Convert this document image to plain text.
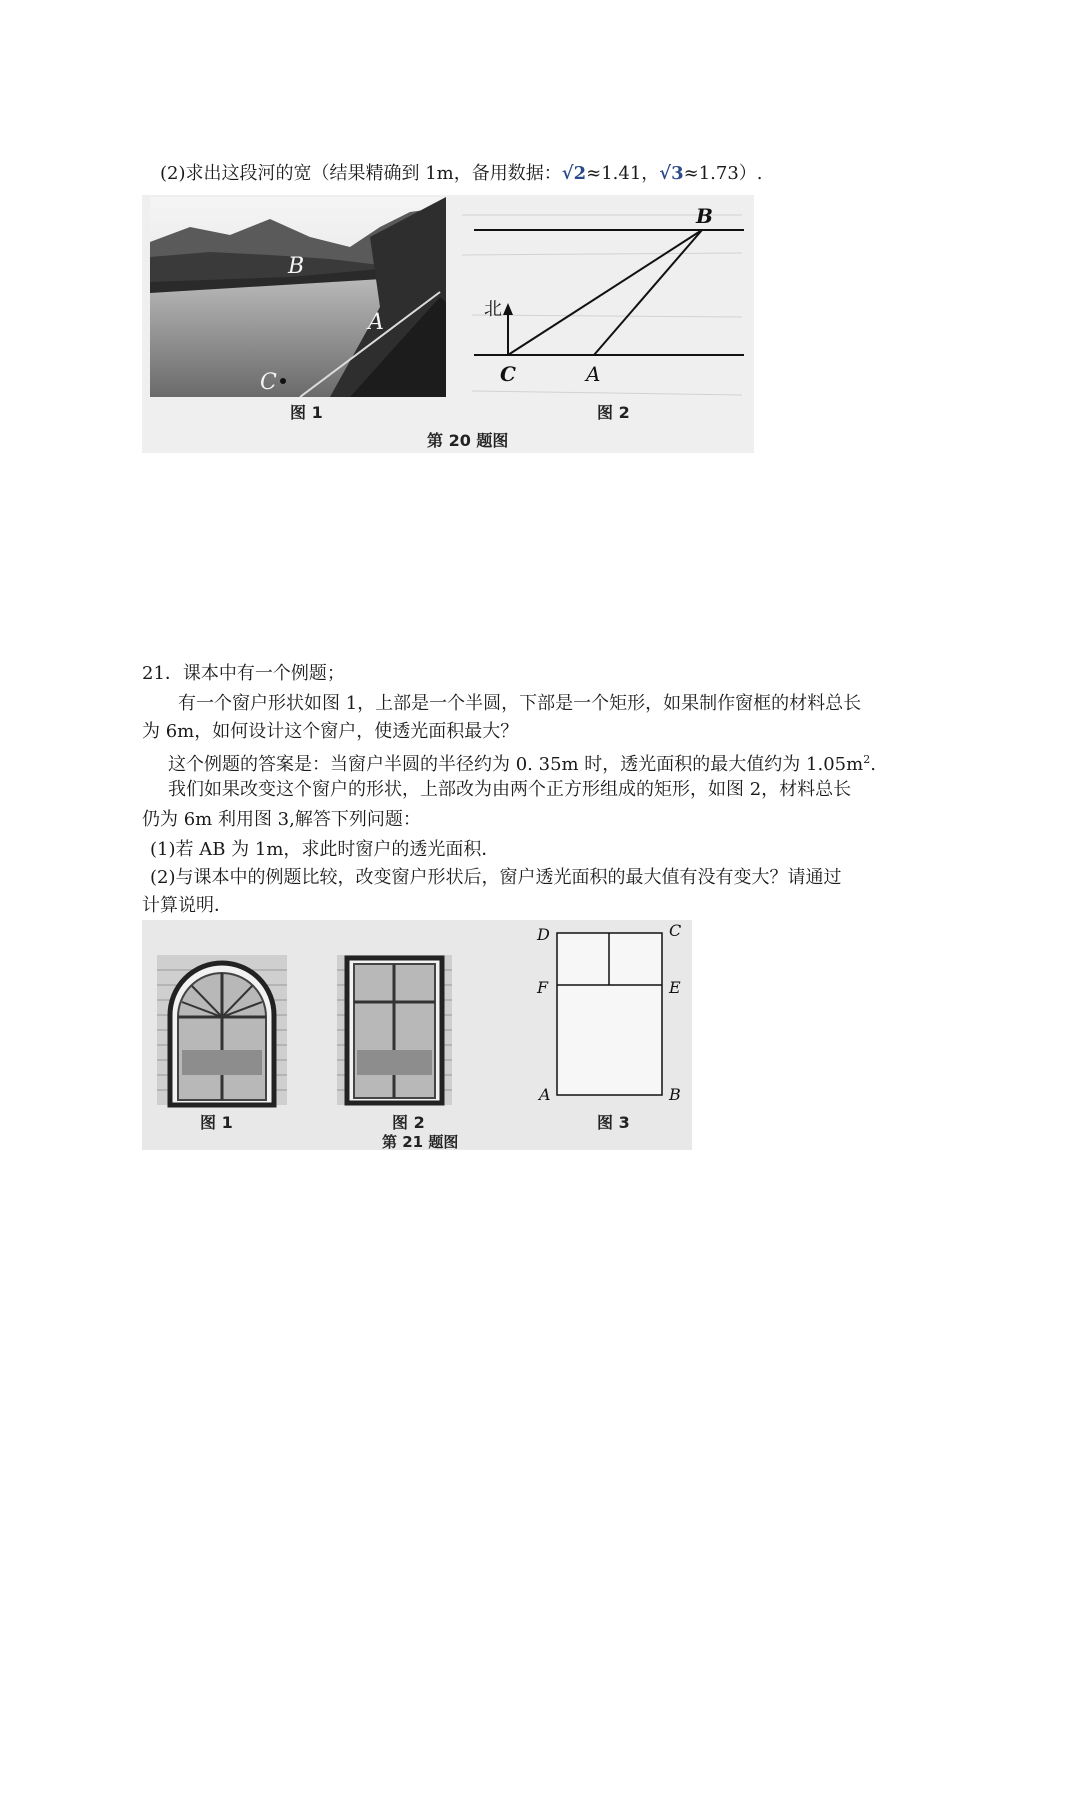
(2)求出这段河的宽（结果精确到 1m，备用数据：√2≈1.41，√3≈1.73）.
B
A
C
北
B
C	A
图 1	图 2
第 20 题图
21．课本中有一个例题；
有一个窗户形状如图 1，上部是一个半圆，下部是一个矩形，如果制作窗框的材料总长
为 6m，如何设计这个窗户，使透光面积最大？
这个例题的答案是：当窗户半圆的半径约为 0. 35m 时，透光面积的最大值约为 $1.05m^2$.
我们如果改变这个窗户的形状，上部改为由两个正方形组成的矩形，如图 2，材料总长
仍为 6m 利用图 3,解答下列问题：
(1)若 AB 为 1m，求此时窗户的透光面积．
(2)与课本中的例题比较，改变窗户形状后，窗户透光面积的最大值有没有变大？请通过
计算说明．
D	C
F	E
A	B
图 1	图 2	图 3
第 21 题图
